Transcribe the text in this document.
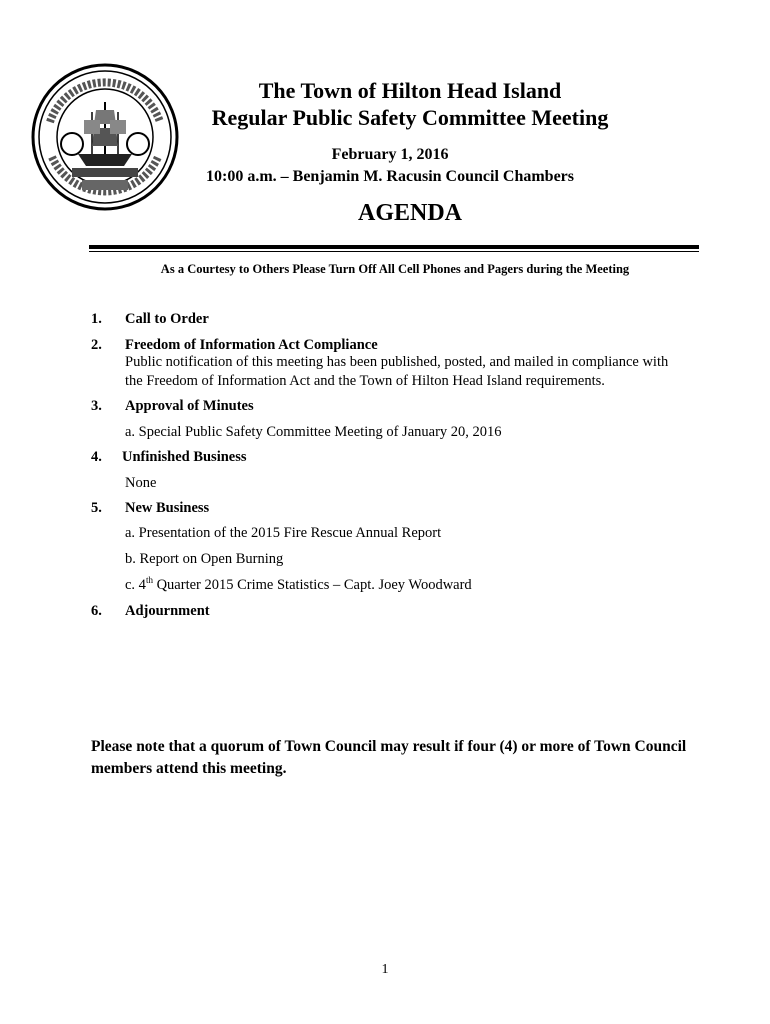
The Town of Hilton Head Island
Regular Public Safety Committee Meeting
February 1, 2016
10:00 a.m. – Benjamin M. Racusin Council Chambers
AGENDA
As a Courtesy to Others Please Turn Off All Cell Phones and Pagers during the Meeting
1. Call to Order
2. Freedom of Information Act Compliance
Public notification of this meeting has been published, posted, and mailed in compliance with
the Freedom of Information Act and the Town of Hilton Head Island requirements.
3. Approval of Minutes
a. Special Public Safety Committee Meeting of January 20, 2016
4. Unfinished Business
None
5. New Business
a. Presentation of the 2015 Fire Rescue Annual Report
b. Report on Open Burning
c. 4th Quarter 2015 Crime Statistics – Capt. Joey Woodward
6. Adjournment
Please note that a quorum of Town Council may result if four (4) or more of Town Council members attend this meeting.
1
